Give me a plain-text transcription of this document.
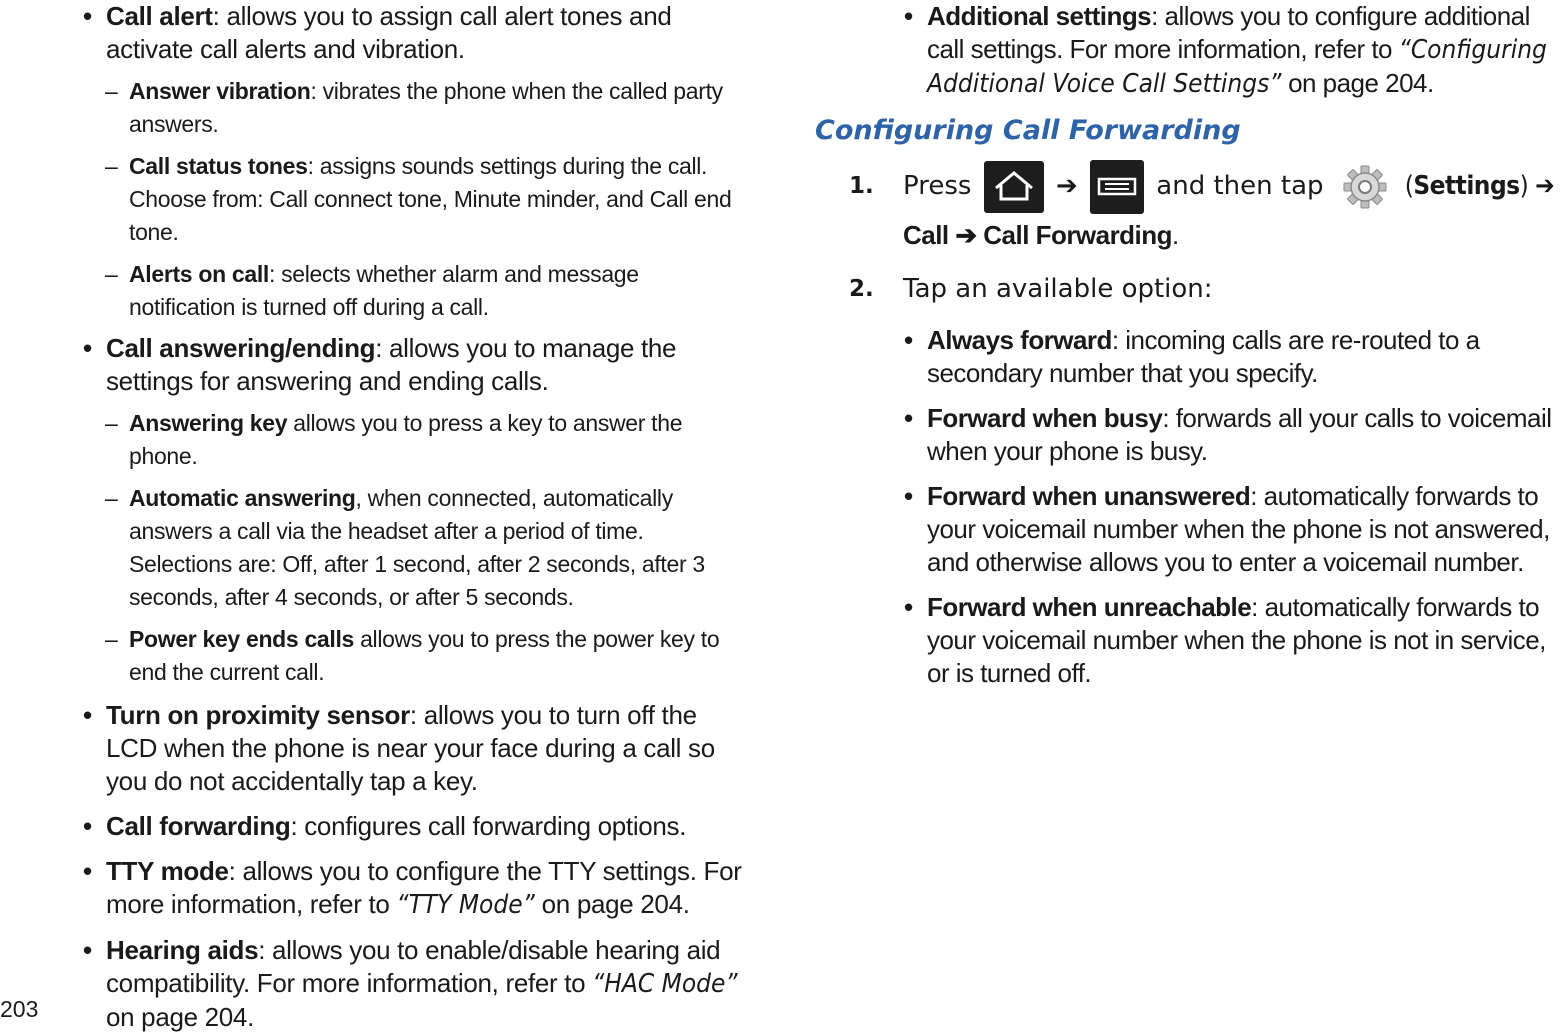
• Call alert: allows you to assign call alert tones and activate call alerts and vibration.
– Answer vibration: vibrates the phone when the called party answers.
– Call status tones: assigns sounds settings during the call. Choose from: Call connect tone, Minute minder, and Call end tone.
– Alerts on call: selects whether alarm and message notification is turned off during a call.
• Call answering/ending: allows you to manage the settings for answering and ending calls.
– Answering key allows you to press a key to answer the phone.
– Automatic answering, when connected, automatically answers a call via the headset after a period of time. Selections are: Off, after 1 second, after 2 seconds, after 3 seconds, after 4 seconds, or after 5 seconds.
– Power key ends calls allows you to press the power key to end the current call.
• Turn on proximity sensor: allows you to turn off the LCD when the phone is near your face during a call so you do not accidentally tap a key.
• Call forwarding: configures call forwarding options.
• TTY mode: allows you to configure the TTY settings. For more information, refer to “TTY Mode” on page 204.
• Hearing aids: allows you to enable/disable hearing aid compatibility. For more information, refer to “HAC Mode” on page 204.
• Additional settings: allows you to configure additional call settings. For more information, refer to “Configuring Additional Voice Call Settings” on page 204.
Configuring Call Forwarding
1. Press	➔
and then tap	(Settings) ➔
Call ➔ Call Forwarding.
2. Tap an available option:
• Always forward: incoming calls are re-routed to a secondary number that you specify.
• Forward when busy: forwards all your calls to voicemail when your phone is busy.
• Forward when unanswered: automatically forwards to your voicemail number when the phone is not answered, and otherwise allows you to enter a voicemail number.
• Forward when unreachable: automatically forwards to your voicemail number when the phone is not in service, or is turned off.
203
